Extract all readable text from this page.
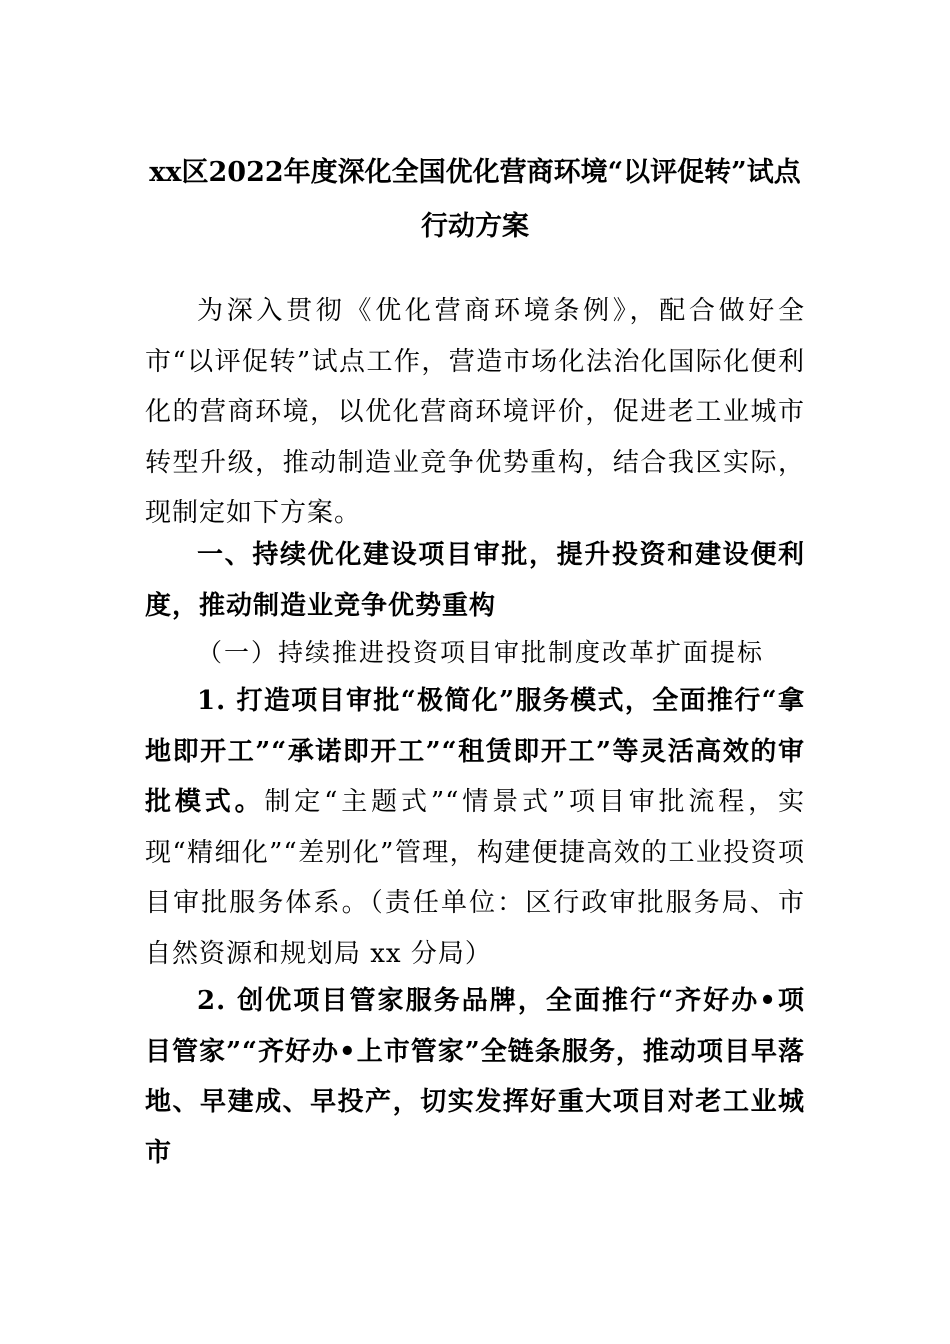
xx区2022年度深化全国优化营商环境“以评促转”试点行动方案

为深入贯彻《优化营商环境条例》，配合做好全市“以评促转”试点工作，营造市场化法治化国际化便利化的营商环境，以优化营商环境评价，促进老工业城市转型升级，推动制造业竞争优势重构，结合我区实际，现制定如下方案。

一、持续优化建设项目审批，提升投资和建设便利度，推动制造业竞争优势重构

（一）持续推进投资项目审批制度改革扩面提标

1. 打造项目审批“极简化”服务模式，全面推行“拿地即开工”“承诺即开工”“租赁即开工”等灵活高效的审批模式。制定“主题式”“情景式”项目审批流程，实现“精细化”“差别化”管理，构建便捷高效的工业投资项目审批服务体系。（责任单位：区行政审批服务局、市自然资源和规划局 xx 分局）

2. 创优项目管家服务品牌，全面推行“齐好办•项目管家”“齐好办•上市管家”全链条服务，推动项目早落地、早建成、早投产，切实发挥好重大项目对老工业城市
